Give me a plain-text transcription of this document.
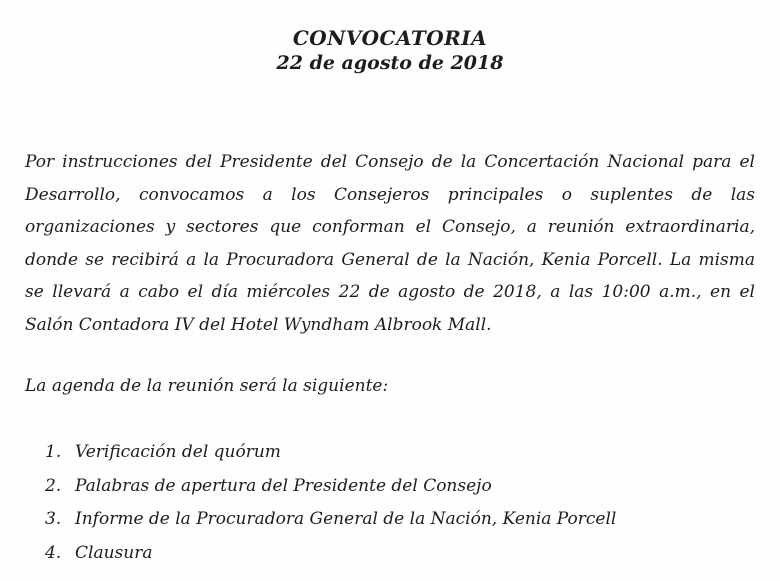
CONVOCATORIA
22 de agosto de 2018
Por instrucciones del Presidente del Consejo de la Concertación Nacional para el
Desarrollo, convocamos a los Consejeros principales o suplentes de las
organizaciones y sectores que conforman el Consejo, a reunión extraordinaria,
donde se recibirá a la Procuradora General de la Nación, Kenia Porcell. La misma
se llevará a cabo el día miércoles 22 de agosto de 2018, a las 10:00 a.m., en el
Salón Contadora IV del Hotel Wyndham Albrook Mall.
La agenda de la reunión será la siguiente:
1. Verificación del quórum
2. Palabras de apertura del Presidente del Consejo
3. Informe de la Procuradora General de la Nación, Kenia Porcell
4. Clausura
